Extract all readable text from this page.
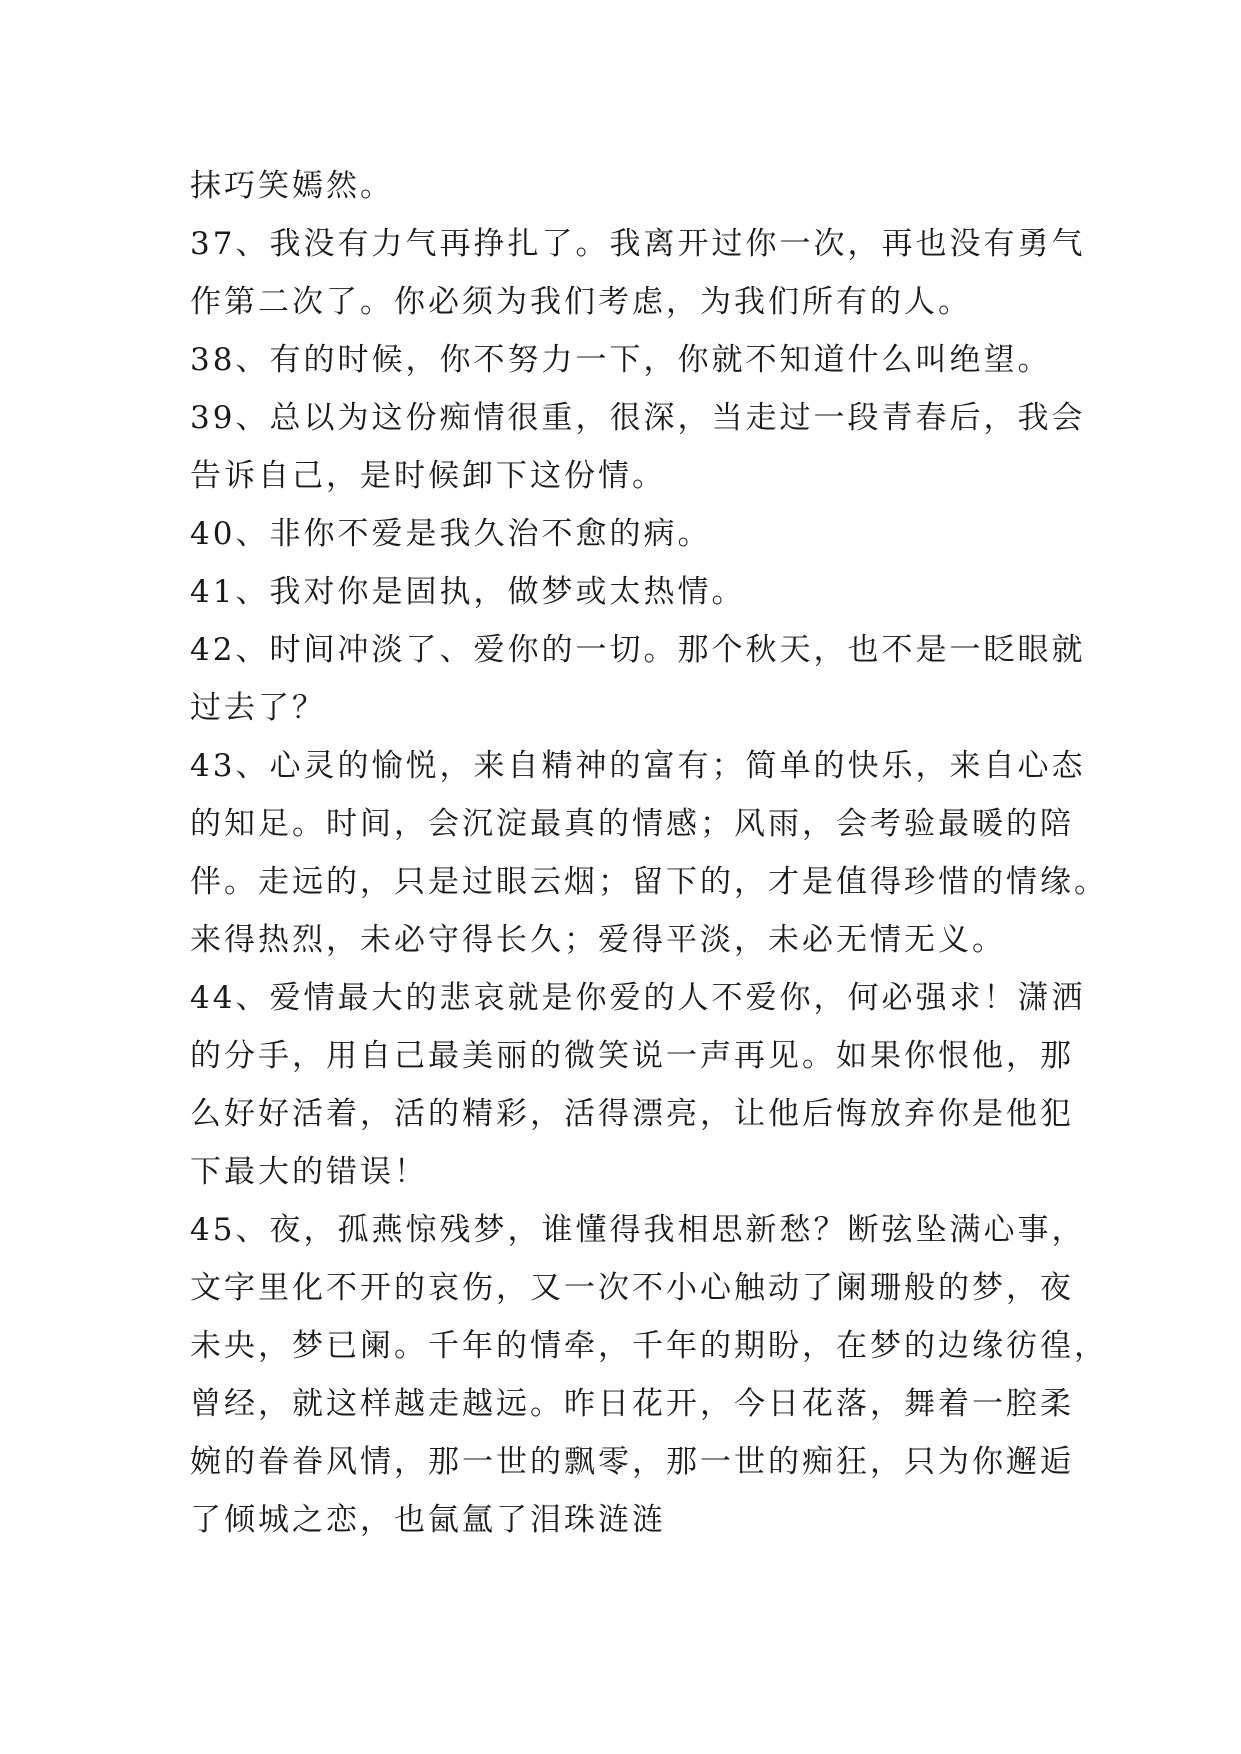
抹巧笑嫣然。
37、我没有力气再挣扎了。我离开过你一次，再也没有勇气
作第二次了。你必须为我们考虑，为我们所有的人。
38、有的时候，你不努力一下，你就不知道什么叫绝望。
39、总以为这份痴情很重，很深，当走过一段青春后，我会
告诉自己，是时候卸下这份情。
40、非你不爱是我久治不愈的病。
41、我对你是固执，做梦或太热情。
42、时间冲淡了、爱你的一切。那个秋天，也不是一眨眼就
过去了？
43、心灵的愉悦，来自精神的富有；简单的快乐，来自心态
的知足。时间，会沉淀最真的情感；风雨，会考验最暖的陪
伴。走远的，只是过眼云烟；留下的，才是值得珍惜的情缘。
来得热烈，未必守得长久；爱得平淡，未必无情无义。
44、爱情最大的悲哀就是你爱的人不爱你，何必强求！潇洒
的分手，用自己最美丽的微笑说一声再见。如果你恨他，那
么好好活着，活的精彩，活得漂亮，让他后悔放弃你是他犯
下最大的错误！
45、夜，孤燕惊残梦，谁懂得我相思新愁？断弦坠满心事，
文字里化不开的哀伤，又一次不小心触动了阑珊般的梦，夜
未央，梦已阑。千年的情牵，千年的期盼，在梦的边缘彷徨，
曾经，就这样越走越远。昨日花开，今日花落，舞着一腔柔
婉的眷眷风情，那一世的飘零，那一世的痴狂，只为你邂逅
了倾城之恋，也氤氲了泪珠涟涟
